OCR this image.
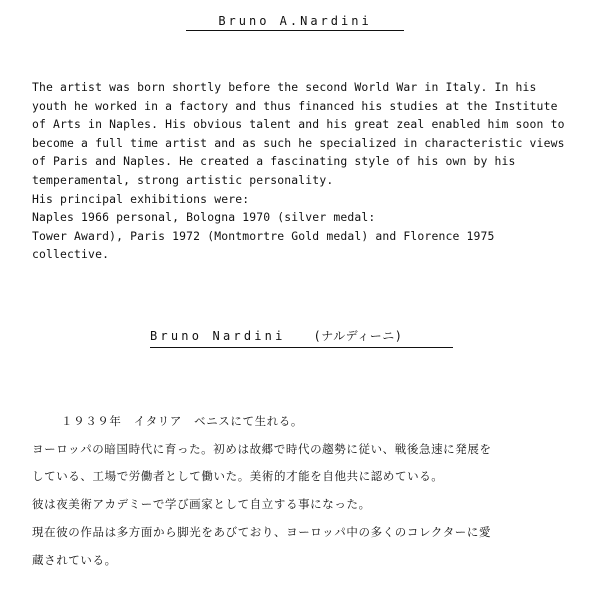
Bruno A.Nardini
The artist was born shortly before the second World War in Italy. In his
youth he worked in a factory and thus financed his studies at the Institute
of Arts in Naples. His obvious talent and his great zeal enabled him soon to
become a full time artist and as such he specialized in characteristic views
of Paris and Naples. He created a fascinating style of his own by his
temperamental, strong artistic personality.
His principal exhibitions were:
Naples 1966 personal, Bologna 1970 (silver medal:
Tower Award), Paris 1972 (Montmortre Gold medal) and Florence 1975
collective.
Bruno Nardini (ナルディーニ)
１９３９年　イタリア　ベニスにて生れる。
ヨーロッパの暗国時代に育った。初めは故郷で時代の趨勢に従い、戦後急速に発展を
している、工場で労働者として働いた。美術的才能を自他共に認めている。
彼は夜美術アカデミーで学び画家として自立する事になった。
現在彼の作品は多方面から脚光をあびており、ヨーロッパ中の多くのコレクターに愛
蔵されている。
